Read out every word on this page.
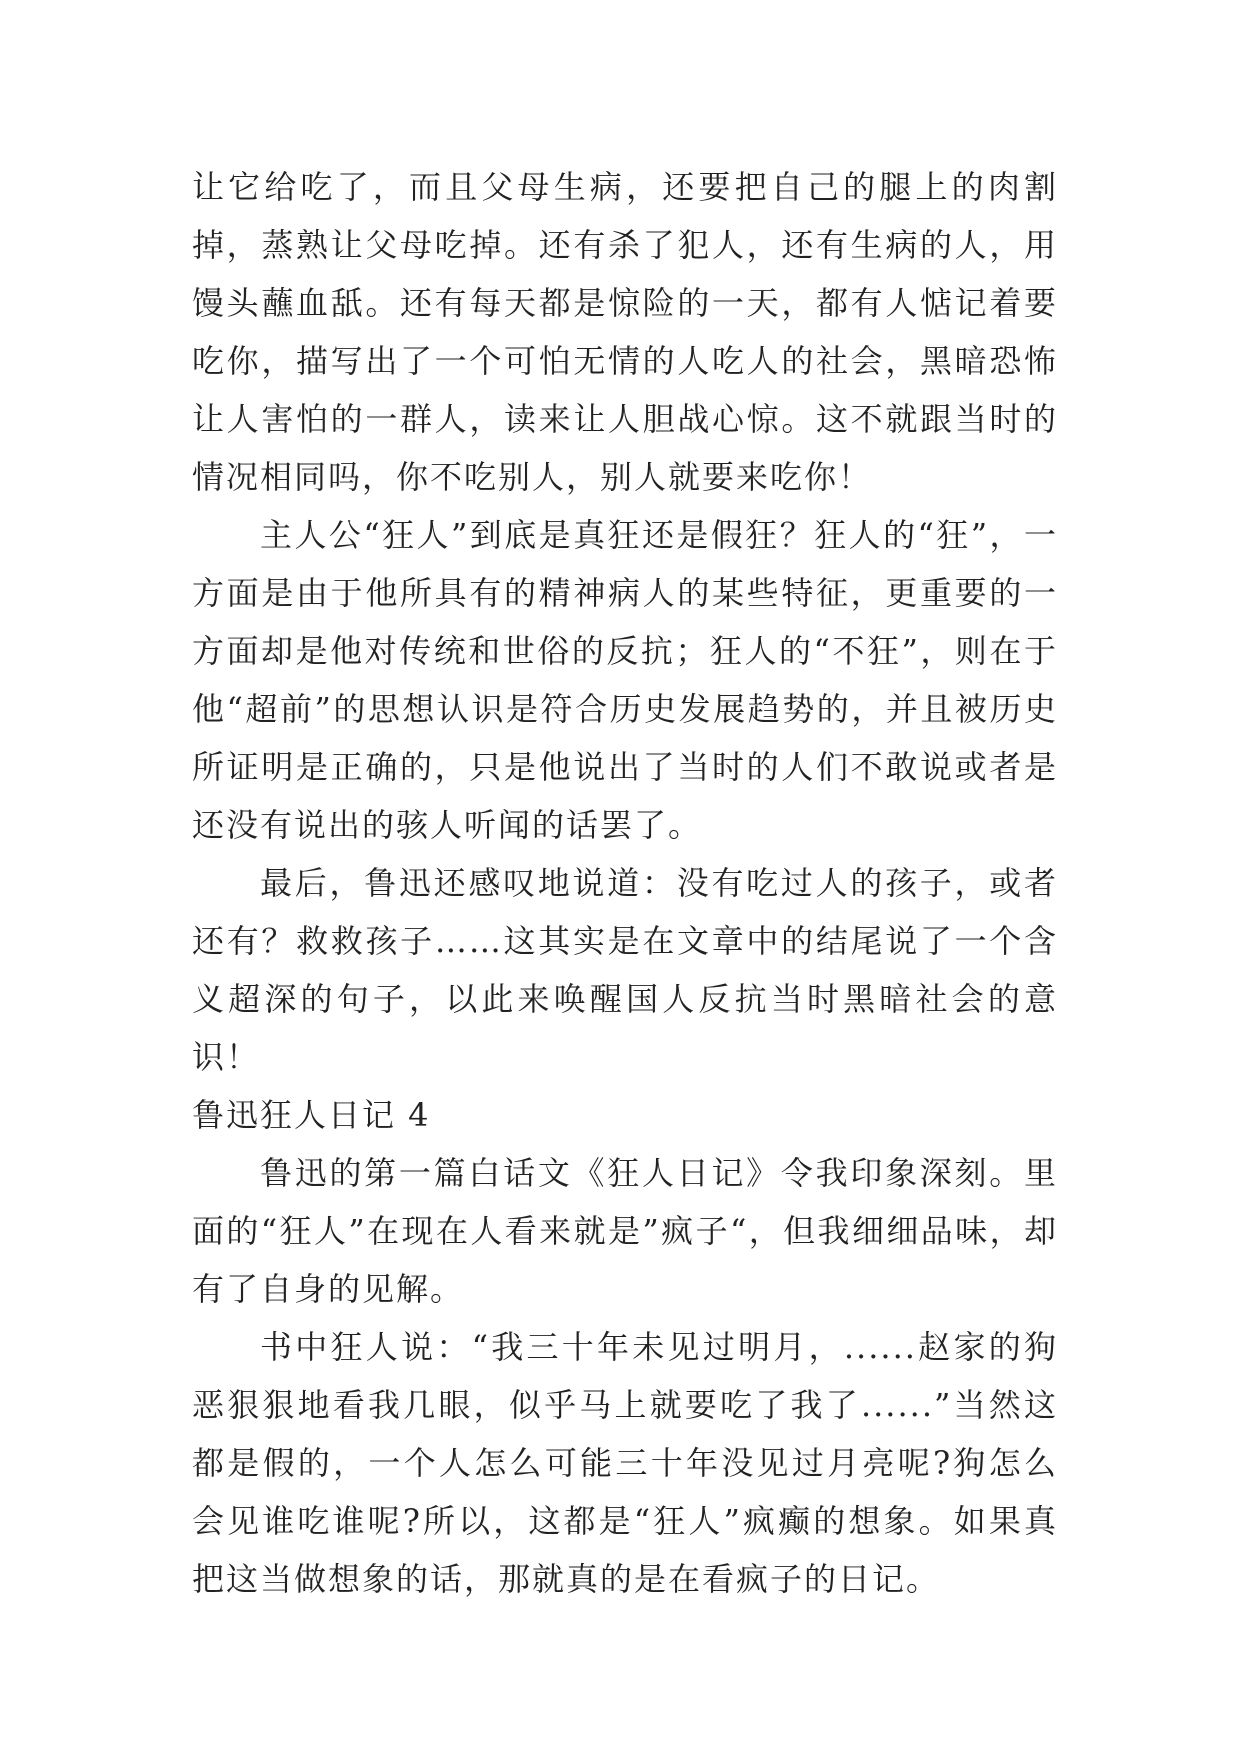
让它给吃了，而且父母生病，还要把自己的腿上的肉割掉，蒸熟让父母吃掉。还有杀了犯人，还有生病的人，用馒头蘸血舐。还有每天都是惊险的一天，都有人惦记着要吃你，描写出了一个可怕无情的人吃人的社会，黑暗恐怖让人害怕的一群人，读来让人胆战心惊。这不就跟当时的情况相同吗，你不吃别人，别人就要来吃你！

主人公“狂人”到底是真狂还是假狂？狂人的“狂”，一方面是由于他所具有的精神病人的某些特征，更重要的一方面却是他对传统和世俗的反抗；狂人的“不狂”，则在于他“超前”的思想认识是符合历史发展趋势的，并且被历史所证明是正确的，只是他说出了当时的人们不敢说或者是还没有说出的骇人听闻的话罢了。

最后，鲁迅还感叹地说道：没有吃过人的孩子，或者还有？救救孩子……这其实是在文章中的结尾说了一个含义超深的句子，以此来唤醒国人反抗当时黑暗社会的意识！

鲁迅狂人日记 4

鲁迅的第一篇白话文《狂人日记》令我印象深刻。里面的“狂人”在现在人看来就是”疯子“，但我细细品味，却有了自身的见解。

书中狂人说：“我三十年未见过明月，......赵家的狗恶狠狠地看我几眼，似乎马上就要吃了我了......”当然这都是假的，一个人怎么可能三十年没见过月亮呢?狗怎么会见谁吃谁呢?所以，这都是“狂人”疯癫的想象。如果真把这当做想象的话，那就真的是在看疯子的日记。
